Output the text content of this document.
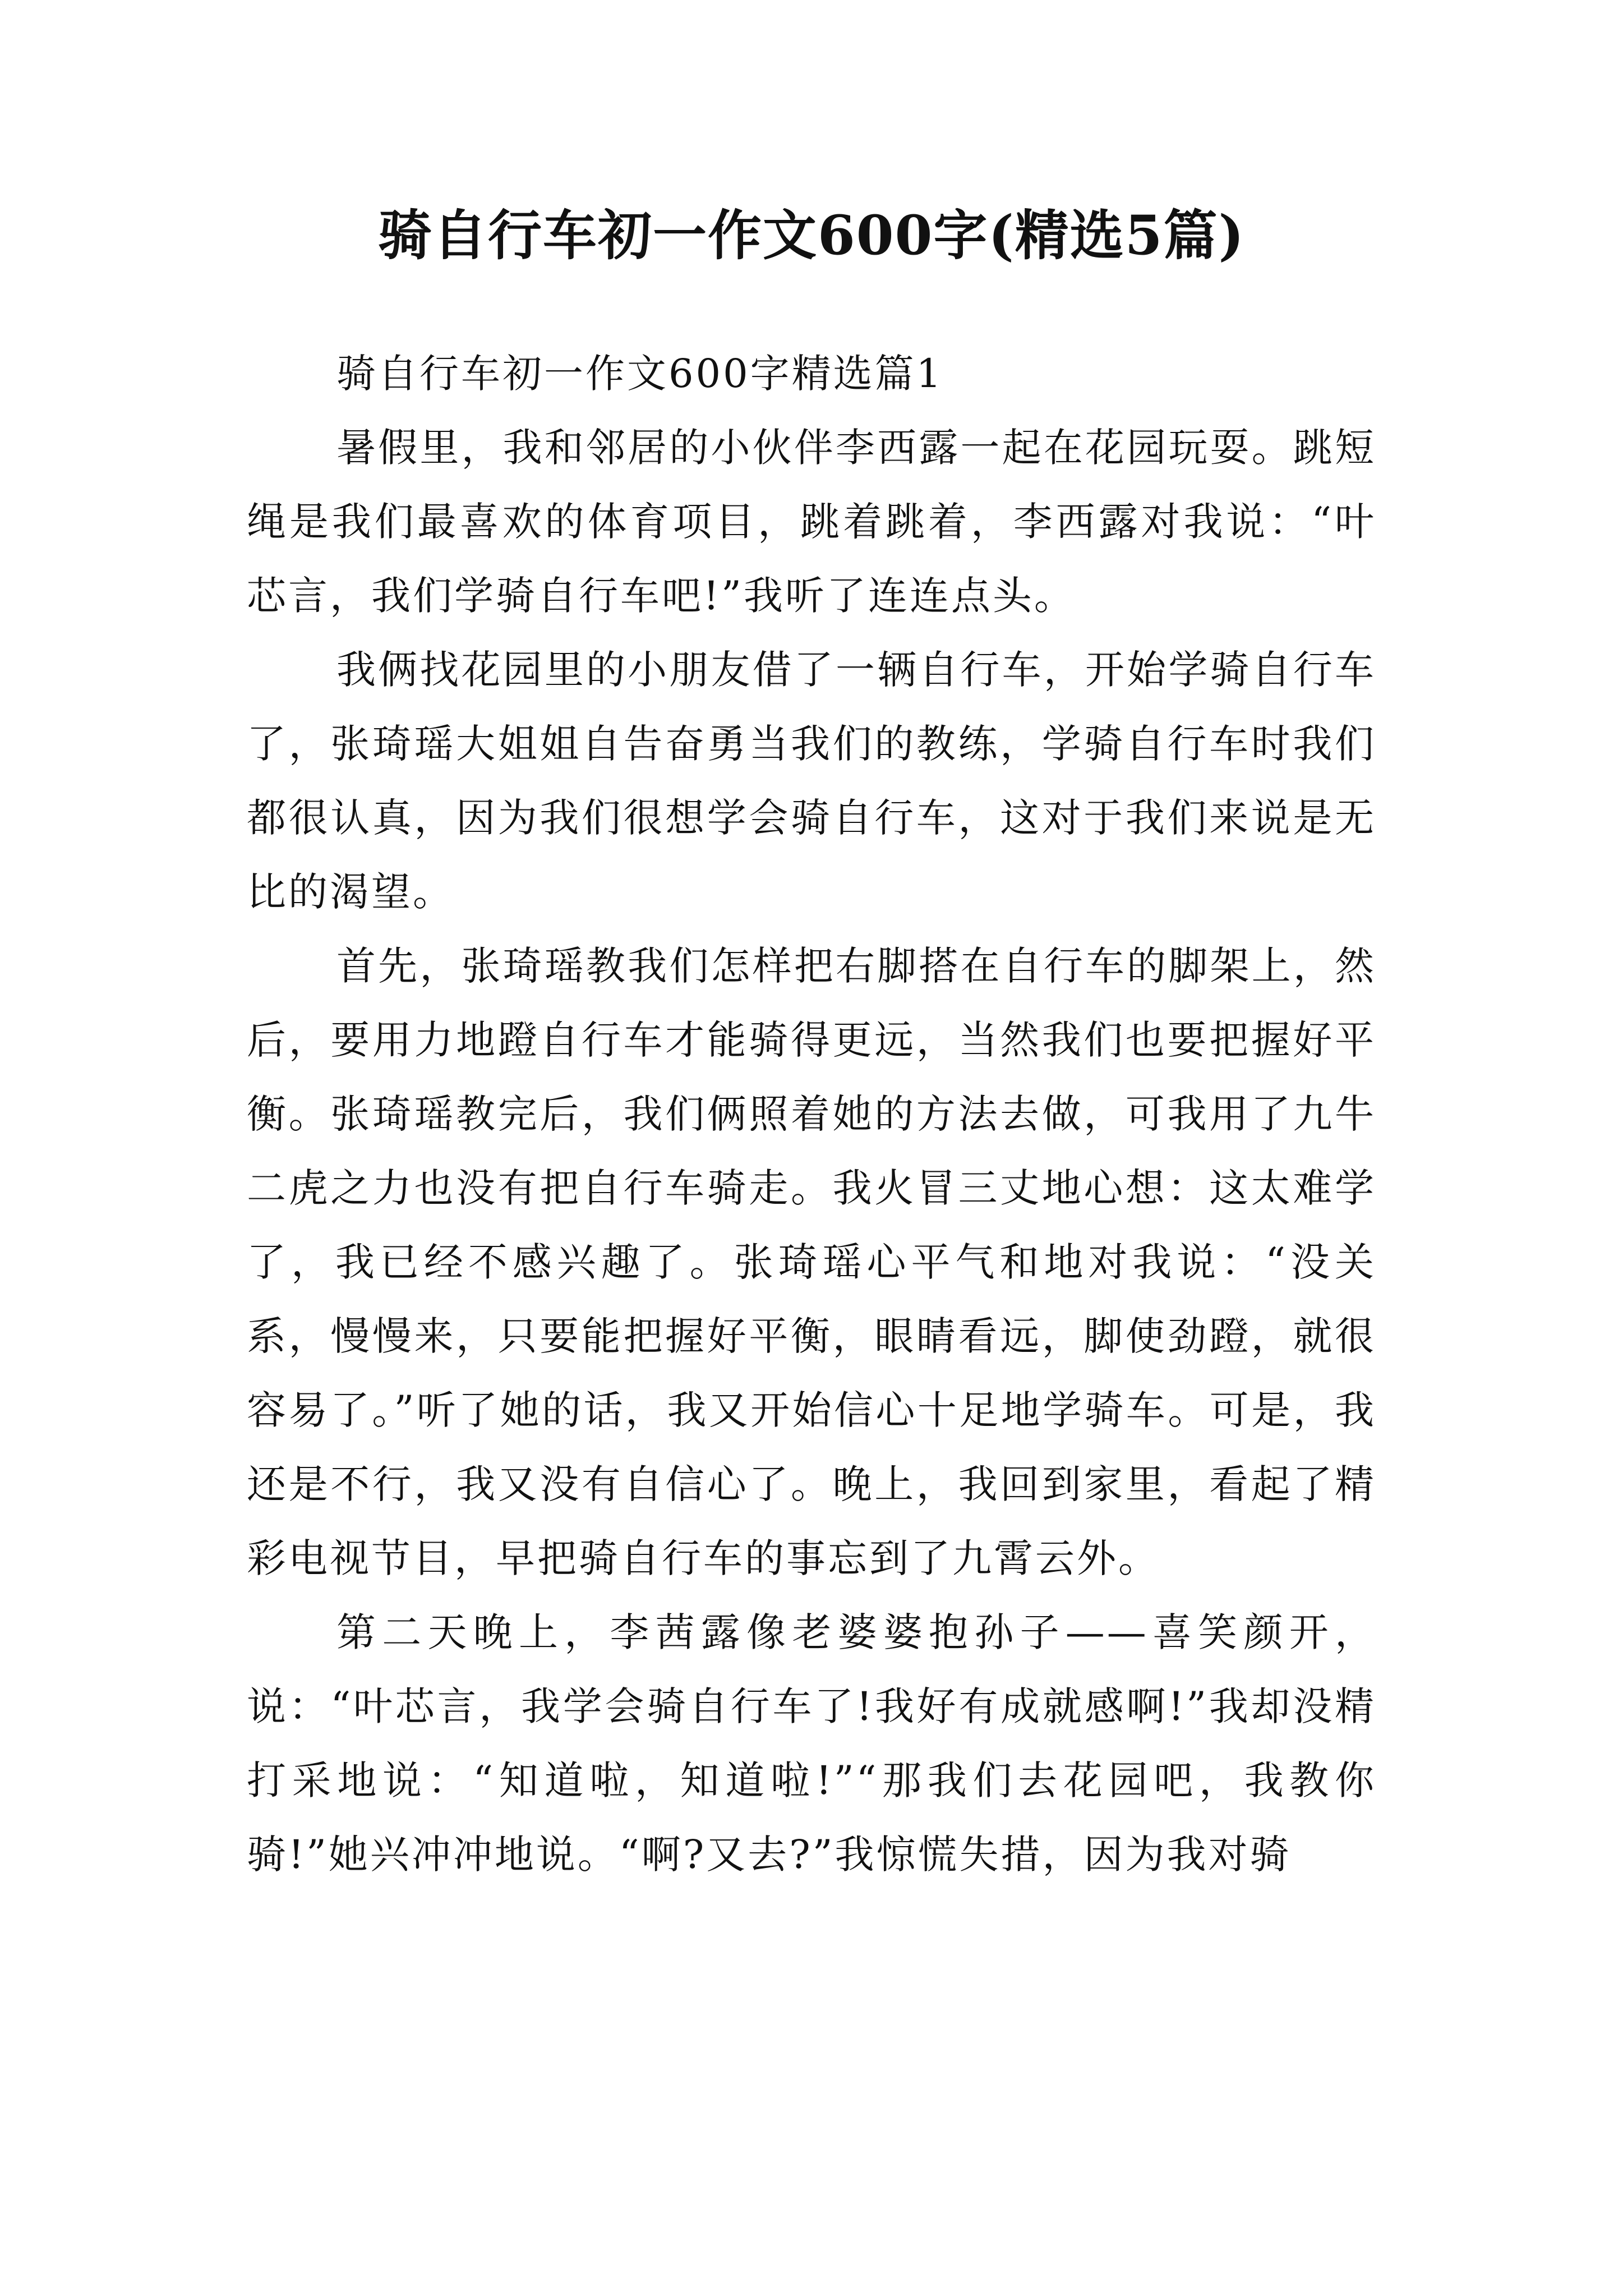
骑自行车初一作文600字(精选5篇)

骑自行车初一作文600字精选篇1

暑假里，我和邻居的小伙伴李西露一起在花园玩耍。跳短绳是我们最喜欢的体育项目，跳着跳着，李西露对我说：“叶芯言，我们学骑自行车吧!”我听了连连点头。

我俩找花园里的小朋友借了一辆自行车，开始学骑自行车了，张琦瑶大姐姐自告奋勇当我们的教练，学骑自行车时我们都很认真，因为我们很想学会骑自行车，这对于我们来说是无比的渴望。

首先，张琦瑶教我们怎样把右脚搭在自行车的脚架上，然后，要用力地蹬自行车才能骑得更远，当然我们也要把握好平衡。张琦瑶教完后，我们俩照着她的方法去做，可我用了九牛二虎之力也没有把自行车骑走。我火冒三丈地心想：这太难学了，我已经不感兴趣了。张琦瑶心平气和地对我说：“没关系，慢慢来，只要能把握好平衡，眼睛看远，脚使劲蹬，就很容易了。”听了她的话，我又开始信心十足地学骑车。可是，我还是不行，我又没有自信心了。晚上，我回到家里，看起了精彩电视节目，早把骑自行车的事忘到了九霄云外。

第二天晚上，李茜露像老婆婆抱孙子——喜笑颜开，说：“叶芯言，我学会骑自行车了!我好有成就感啊!”我却没精打采地说：“知道啦，知道啦!”“那我们去花园吧，我教你骑!”她兴冲冲地说。“啊?又去?”我惊慌失措，因为我对骑
